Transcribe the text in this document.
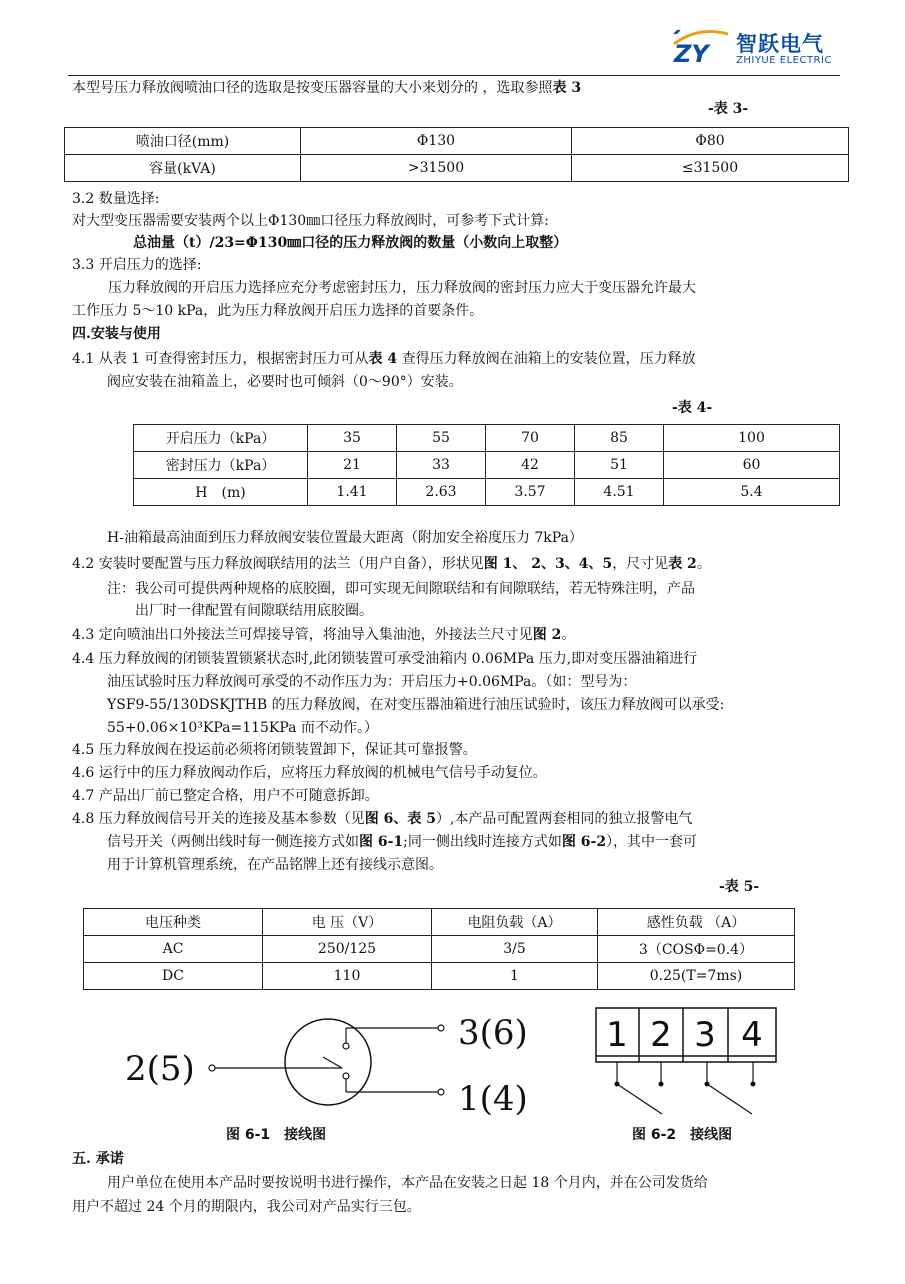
ZY 智跃电气
ZHIYUE ELECTRIC
本型号压力释放阀喷油口径的选取是按变压器容量的大小来划分的 ，选取参照表 3
-表 3-
喷油口径(mm)	Φ130	Φ80
容量(kVA)	>31500	≤31500
3.2 数量选择:
对大型变压器需要安装两个以上Φ130㎜口径压力释放阀时，可参考下式计算:
总油量（t）/23=Φ130㎜口径的压力释放阀的数量（小数向上取整）
3.3 开启压力的选择:
压力释放阀的开启压力选择应充分考虑密封压力，压力释放阀的密封压力应大于变压器允许最大
工作压力 5～10 kPa，此为压力释放阀开启压力选择的首要条件。
四.安装与使用
4.1 从表 1 可查得密封压力，根据密封压力可从表 4 查得压力释放阀在油箱上的安装位置，压力释放
阀应安装在油箱盖上，必要时也可倾斜（0～90°）安装。
-表 4-
开启压力（kPa）	35	55	70	85	100
密封压力（kPa）	21	33	42	51	60
H　(m)	1.41	2.63	3.57	4.51	5.4
H-油箱最高油面到压力释放阀安装位置最大距离（附加安全裕度压力 7kPa）
4.2 安装时要配置与压力释放阀联结用的法兰（用户自备），形状见图 1、 2、3、4、5，尺寸见表 2。
注：我公司可提供两种规格的底胶圈，即可实现无间隙联结和有间隙联结，若无特殊注明，产品
出厂时一律配置有间隙联结用底胶圈。
4.3 定向喷油出口外接法兰可焊接导管，将油导入集油池，外接法兰尺寸见图 2。
4.4 压力释放阀的闭锁装置锁紧状态时,此闭锁装置可承受油箱内 0.06MPa 压力,即对变压器油箱进行
油压试验时压力释放阀可承受的不动作压力为：开启压力+0.06MPa。（如：型号为：
YSF9-55/130DSKJTHB 的压力释放阀，在对变压器油箱进行油压试验时，该压力释放阀可以承受:
55+0.06×10³KPa=115KPa 而不动作。）
4.5 压力释放阀在投运前必须将闭锁装置卸下，保证其可靠报警。
4.6 运行中的压力释放阀动作后，应将压力释放阀的机械电气信号手动复位。
4.7 产品出厂前已整定合格，用户不可随意拆卸。
4.8 压力释放阀信号开关的连接及基本参数（见图 6、表 5）,本产品可配置两套相同的独立报警电气
信号开关（两侧出线时每一侧连接方式如图 6-1;同一侧出线时连接方式如图 6-2），其中一套可
用于计算机管理系统，在产品铭牌上还有接线示意图。
-表 5-
电压种类	电 压（V）	电阻负载（A）	感性负载 （A）
AC	250/125	3/5	3（COSΦ=0.4）
DC	110	1	0.25(T=7ms)
2(5)
3(6)
1(4)
图 6-1　接线图
1 2 3 4
图 6-2　接线图
五. 承诺
用户单位在使用本产品时要按说明书进行操作，本产品在安装之日起 18 个月内，并在公司发货给
用户不超过 24 个月的期限内，我公司对产品实行三包。
